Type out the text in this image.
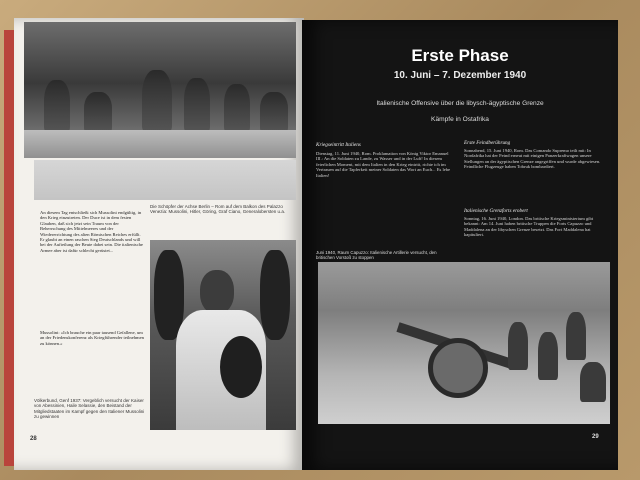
An diesem Tag entschließt sich Mussolini endgültig, in den Krieg einzutreten. Der Duce ist in dem festen Glauben, daß sich jetzt sein Traum von der Beherrschung des Mittelmeeres und der Wiedererrichtung des alten Römischen Reiches erfüllt. Er glaubt an einen raschen Sieg Deutschlands und will bei der Aufteilung der Beute dabei sein. Die italienische Armee aber ist dafür schlecht gerüstet...

Mussolini: »Ich brauche ein paar tausend Gefallene, um an der Friedenskonferenz als Kriegführender teilnehmen zu können.«

Die Schöpfer der Achse Berlin – Rom auf dem Balkon des Palazzo Venezia: Mussolini, Hitler, Göring, Graf Ciano, Generalobersten u.a.

Völkerbund, Genf 1937: Vergeblich versucht der Kaiser von Abessinien, Haile Selassie, den Beistand der Mitgliedstaaten im Kampf gegen den Italiener Mussolini zu gewinnen

28
Erste Phase
10. Juni – 7. Dezember 1940

Italienische Offensive über die libysch-ägyptische Grenze

Kämpfe in Ostafrika

Kriegseintritt Italiens

Dienstag, 11. Juni 1940, Rom. Proklamation von König Viktor Emanuel III.: An die Soldaten zu Lande, zu Wasser und in der Luft! In diesem feierlichen Moment, mit dem Italien in den Krieg eintritt, richte ich im Vertrauen auf die Tapferkeit meiner Soldaten das Wort an Euch... Es lebe Italien!

Erste Feindberührung

Sonnabend, 15. Juni 1940, Rom. Das Comando Supremo teilt mit: In Nordafrika hat der Feind erneut mit einigen Panzerkraftwagen unsere Stellungen an der ägyptischen Grenze angegriffen und wurde abgewiesen. Feindliche Flugzeuge haben Tobruk bombardiert.

Italienische Grenzforts erobert

Sonntag, 16. Juni 1940, London. Das britische Kriegsministerium gibt bekannt: Am 14. Juni haben britische Truppen die Forts Capuzzo und Maddalena an der libyschen Grenze besetzt. Das Fort Maddalena hat kapituliert.

Juni 1940, Raum Capuzzo: Italienische Artillerie versucht, den britischen Vorstoß zu stoppen

29
